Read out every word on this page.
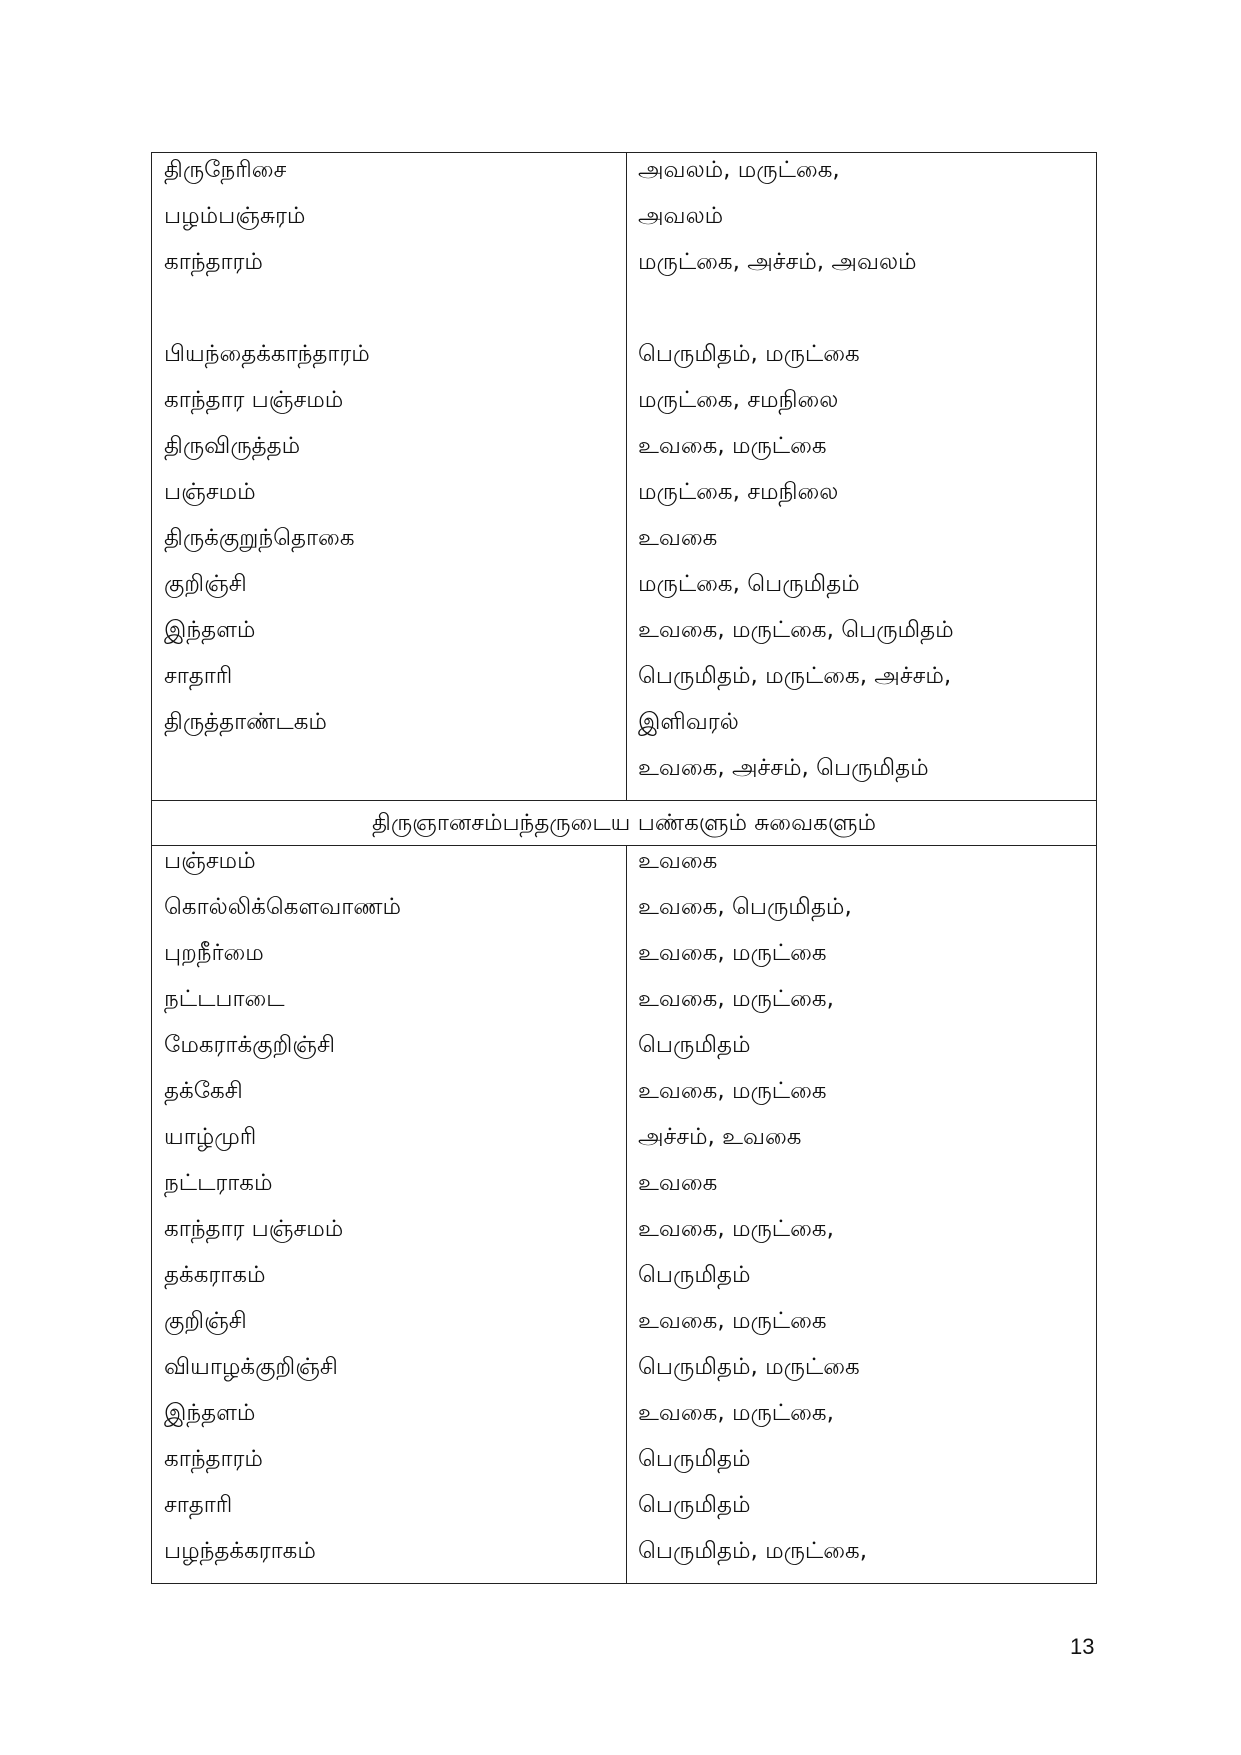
திருநேரிசை
பழம்பஞ்சுரம்
காந்தாரம்
பியந்தைக்காந்தாரம்
காந்தார பஞ்சமம்
திருவிருத்தம்
பஞ்சமம்
திருக்குறுந்தொகை
குறிஞ்சி
இந்தளம்
சாதாரி
திருத்தாண்டகம்
அவலம், மருட்கை,
அவலம்
மருட்கை, அச்சம், அவலம்
பெருமிதம், மருட்கை
மருட்கை, சமநிலை
உவகை, மருட்கை
மருட்கை, சமநிலை
உவகை
மருட்கை, பெருமிதம்
உவகை, மருட்கை, பெருமிதம்
பெருமிதம், மருட்கை, அச்சம்,
இளிவரல்
உவகை, அச்சம், பெருமிதம்
திருஞானசம்பந்தருடைய பண்களும் சுவைகளும்
பஞ்சமம்
கொல்லிக்கௌவாணம்
புறநீர்மை
நட்டபாடை
மேகராக்குறிஞ்சி
தக்கேசி
யாழ்முரி
நட்டராகம்
காந்தார பஞ்சமம்
தக்கராகம்
குறிஞ்சி
வியாழக்குறிஞ்சி
இந்தளம்
காந்தாரம்
சாதாரி
பழந்தக்கராகம்
உவகை
உவகை, பெருமிதம்,
உவகை, மருட்கை
உவகை, மருட்கை,
பெருமிதம்
உவகை, மருட்கை
அச்சம், உவகை
உவகை
உவகை, மருட்கை,
பெருமிதம்
உவகை, மருட்கை
பெருமிதம், மருட்கை
உவகை, மருட்கை,
பெருமிதம்
பெருமிதம்
பெருமிதம், மருட்கை,
13
